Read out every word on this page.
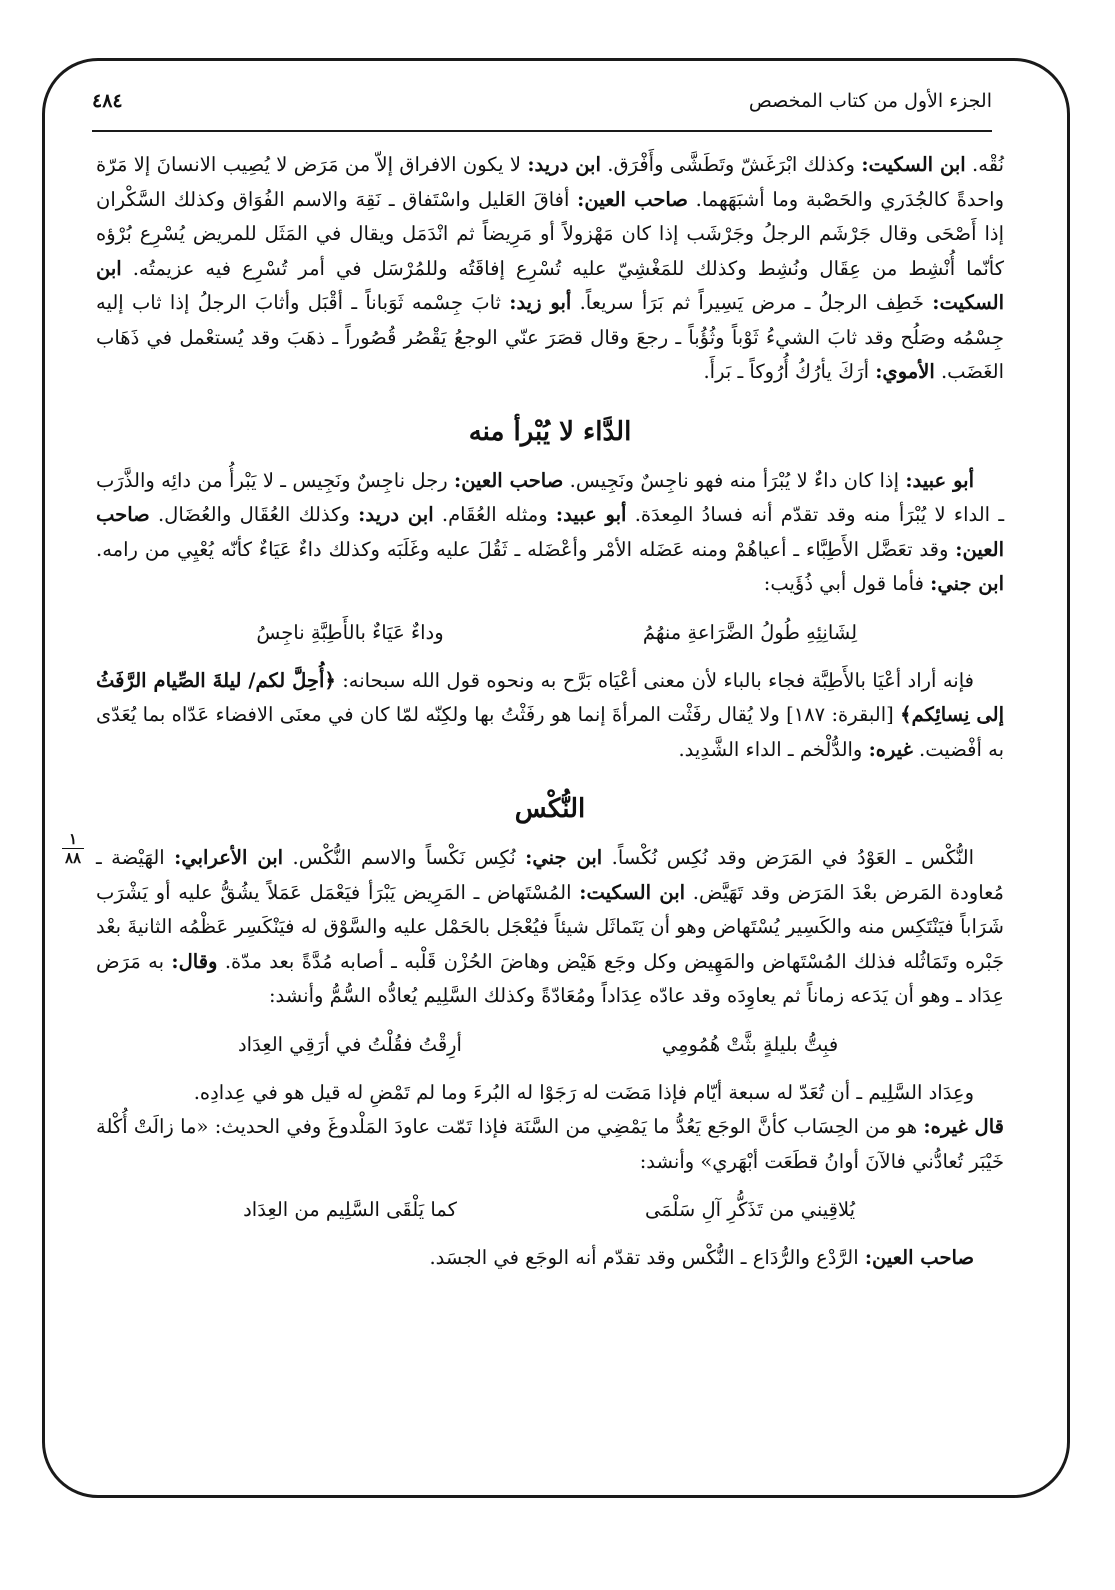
الجزء الأول من كتاب المخصص
٤٨٤
١
٨٨

نُقْه. ابن السكيت: وكذلك ابْرَغَشّ وتَطَشَّى وأَفْرَق. ابن دريد: لا يكون الافراق إلاّ من مَرَض لا يُصِيب الانسانَ إلا مَرّة واحدةً كالجُدَري والحَصْبة وما أشبَهَهما. صاحب العين: أفاقَ العَليل واسْتَفاق ـ نَقِهَ والاسم الفُوَاق وكذلك السَّكْران إذا أَصْحَى وقال جَرْشَم الرجلُ وجَرْشَب إذا كان مَهْزولاً أو مَرِيضاً ثم انْدَمَل ويقال في المَثَل للمريض يُسْرِع بُرْؤه كأنّما أُنْشِط من عِقَال ونُشِط وكذلك للمَغْشِيّ عليه تُسْرِع إفاقَتُه وللمُرْسَل في أمر تُسْرِع فيه عزيمتُه. ابن السكيت: خَطِف الرجلُ ـ مرض يَسِيراً ثم بَرَأ سريعاً. أبو زيد: ثابَ جِسْمه ثَوَباناً ـ أقْبَل وأثابَ الرجلُ إذا ثاب إليه جِسْمُه وصَلُح وقد ثابَ الشيءُ ثَوْباً وثُؤُباً ـ رجعَ وقال قصَرَ عنّي الوجعُ يَقْصُر قُصُوراً ـ ذهَبَ وقد يُستعْمل في ذَهَاب الغَضَب. الأموي: أرَكَ يأرُكُ أُرُوكاً ـ بَرأَ.

الدَّاء لا يُبْرأ منه

أبو عبيد: إذا كان داءٌ لا يُبْرَأ منه فهو ناجِسٌ ونَجِيس. صاحب العين: رجل ناجِسٌ ونَجِيس ـ لا يَبْرأُ من دائِه والذَّرَب ـ الداء لا يُبْرَأ منه وقد تقدّم أنه فسادُ المِعدَة. أبو عبيد: ومثله العُقَام. ابن دريد: وكذلك العُقَال والعُضَال. صاحب العين: وقد تعَضَّل الأَطِبَّاء ـ أعياهُمْ ومنه عَضَله الأمْر وأعْضَله ـ ثَقُلَ عليه وغَلَبَه وكذلك داءٌ عَيَاءٌ كأنّه يُعْيِي من رامه. ابن جني: فأما قول أبي ذُؤَيب:

لِشَانِئِهِ طُولُ الضَّرَاعةِ منهُمُ
وداءٌ عَيَاءٌ بالأَطِبَّةِ ناجِسُ

فإنه أراد أعْيَا بالأَطِبَّة فجاء بالباء لأن معنى أعْيَاه بَرَّح به ونحوه قول الله سبحانه: ﴿أُحِلَّ لكم/ ليلةَ الصِّيام الرَّفَثُ إلى نِسائِكم﴾ [البقرة: ١٨٧] ولا يُقال رفَثْت المرأةَ إنما هو رفَثْتُ بها ولكِنّه لمّا كان في معنَى الافضاء عَدّاه بما يُعَدّى به أفْضيت. غيره: والدُّلْخم ـ الداء الشَّدِيد.

النُّكْس

النُّكْس ـ العَوْدُ في المَرَض وقد نُكِس نُكْساً. ابن جني: نُكِس نَكْساً والاسم النُّكْس. ابن الأعرابي: الهَيْضة ـ مُعاودة المَرض بعْدَ المَرَض وقد تَهَيَّض. ابن السكيت: المُسْتَهاض ـ المَرِيض يَبْرَأ فيَعْمَل عَمَلاً يشُقُّ عليه أو يَشْرَب شَرَاباً فيَنْتَكِس منه والكَسِير يُسْتَهاض وهو أن يَتَماثَل شيئاً فيُعْجَل بالحَمْل عليه والسَّوْق له فيَنْكَسِر عَظْمُه الثانيةَ بعْد جَبْره وتَمَاثُله فذلك المُسْتَهاض والمَهِيض وكل وجَع هَيْض وهاضَ الحُزْن قَلْبه ـ أصابه مُدَّةً بعد مدّة. وقال: به مَرَض عِدَاد ـ وهو أن يَدَعه زماناً ثم يعاوِدَه وقد عادّه عِدَاداً ومُعَادّةً وكذلك السَّلِيم يُعادُّه السُّمُّ وأنشد:

فبِتُّ بليلةٍ بثَّتْ هُمُومِي
أرِقْتُ فقُلْتُ في أرَقِي العِدَاد

وعِدَاد السَّلِيم ـ أن تُعَدّ له سبعة أيّام فإذا مَضَت له رَجَوْا له البُرءَ وما لم تَمْضِ له قيل هو في عِدادِه.

قال غيره: هو من الحِسَاب كأنَّ الوجَع يَعُدُّ ما يَمْضِي من السَّنَة فإذا تَمّت عاودَ المَلْدوغَ وفي الحديث: «ما زالَتْ أُكْلة خَيْبَر تُعادُّني فالآنَ أوانُ قطَعَت أبْهَري» وأنشد:

يُلاقِيني من تَذَكُّرِ آلِ سَلْمَى
كما يَلْقَى السَّلِيم من العِدَاد

صاحب العين: الرَّدْع والرُّدَاع ـ النُّكْس وقد تقدّم أنه الوجَع في الجسَد.
